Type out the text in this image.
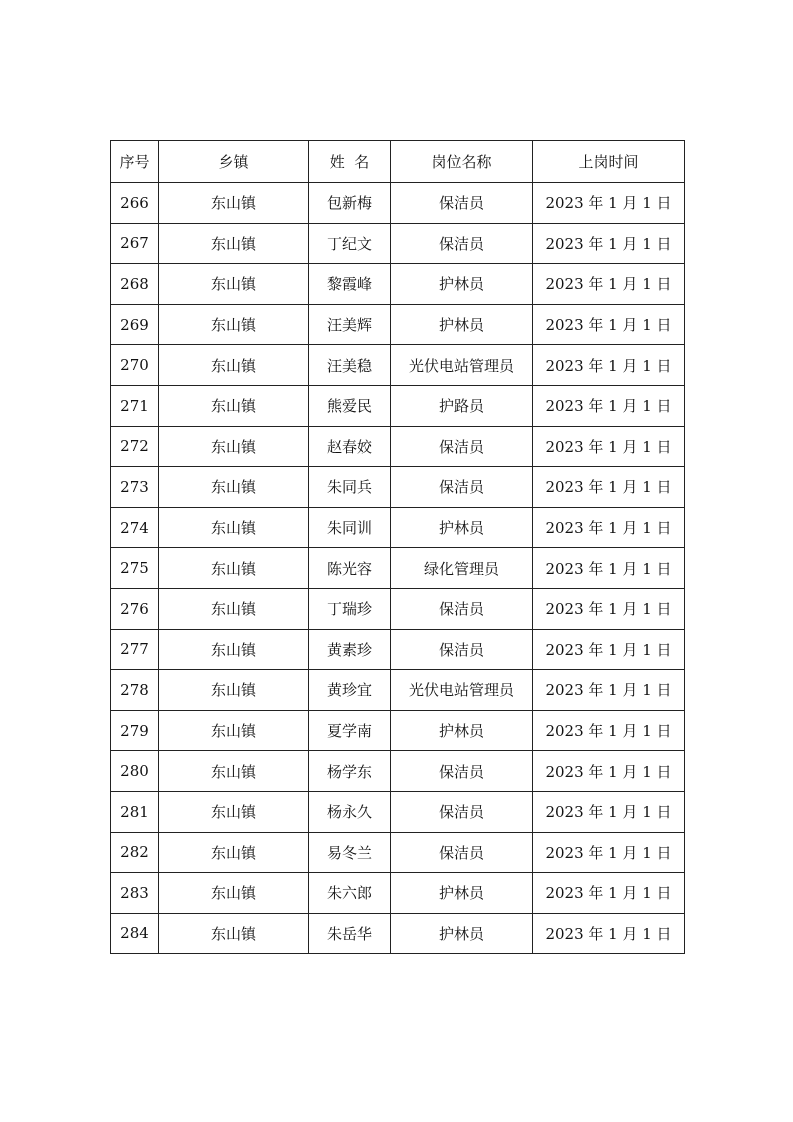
序号	乡镇	姓  名	岗位名称	上岗时间
266	东山镇	包新梅	保洁员	2023 年 1 月 1 日
267	东山镇	丁纪文	保洁员	2023 年 1 月 1 日
268	东山镇	黎霞峰	护林员	2023 年 1 月 1 日
269	东山镇	汪美辉	护林员	2023 年 1 月 1 日
270	东山镇	汪美稳	光伏电站管理员	2023 年 1 月 1 日
271	东山镇	熊爱民	护路员	2023 年 1 月 1 日
272	东山镇	赵春姣	保洁员	2023 年 1 月 1 日
273	东山镇	朱同兵	保洁员	2023 年 1 月 1 日
274	东山镇	朱同训	护林员	2023 年 1 月 1 日
275	东山镇	陈光容	绿化管理员	2023 年 1 月 1 日
276	东山镇	丁瑞珍	保洁员	2023 年 1 月 1 日
277	东山镇	黄素珍	保洁员	2023 年 1 月 1 日
278	东山镇	黄珍宜	光伏电站管理员	2023 年 1 月 1 日
279	东山镇	夏学南	护林员	2023 年 1 月 1 日
280	东山镇	杨学东	保洁员	2023 年 1 月 1 日
281	东山镇	杨永久	保洁员	2023 年 1 月 1 日
282	东山镇	易冬兰	保洁员	2023 年 1 月 1 日
283	东山镇	朱六郎	护林员	2023 年 1 月 1 日
284	东山镇	朱岳华	护林员	2023 年 1 月 1 日
